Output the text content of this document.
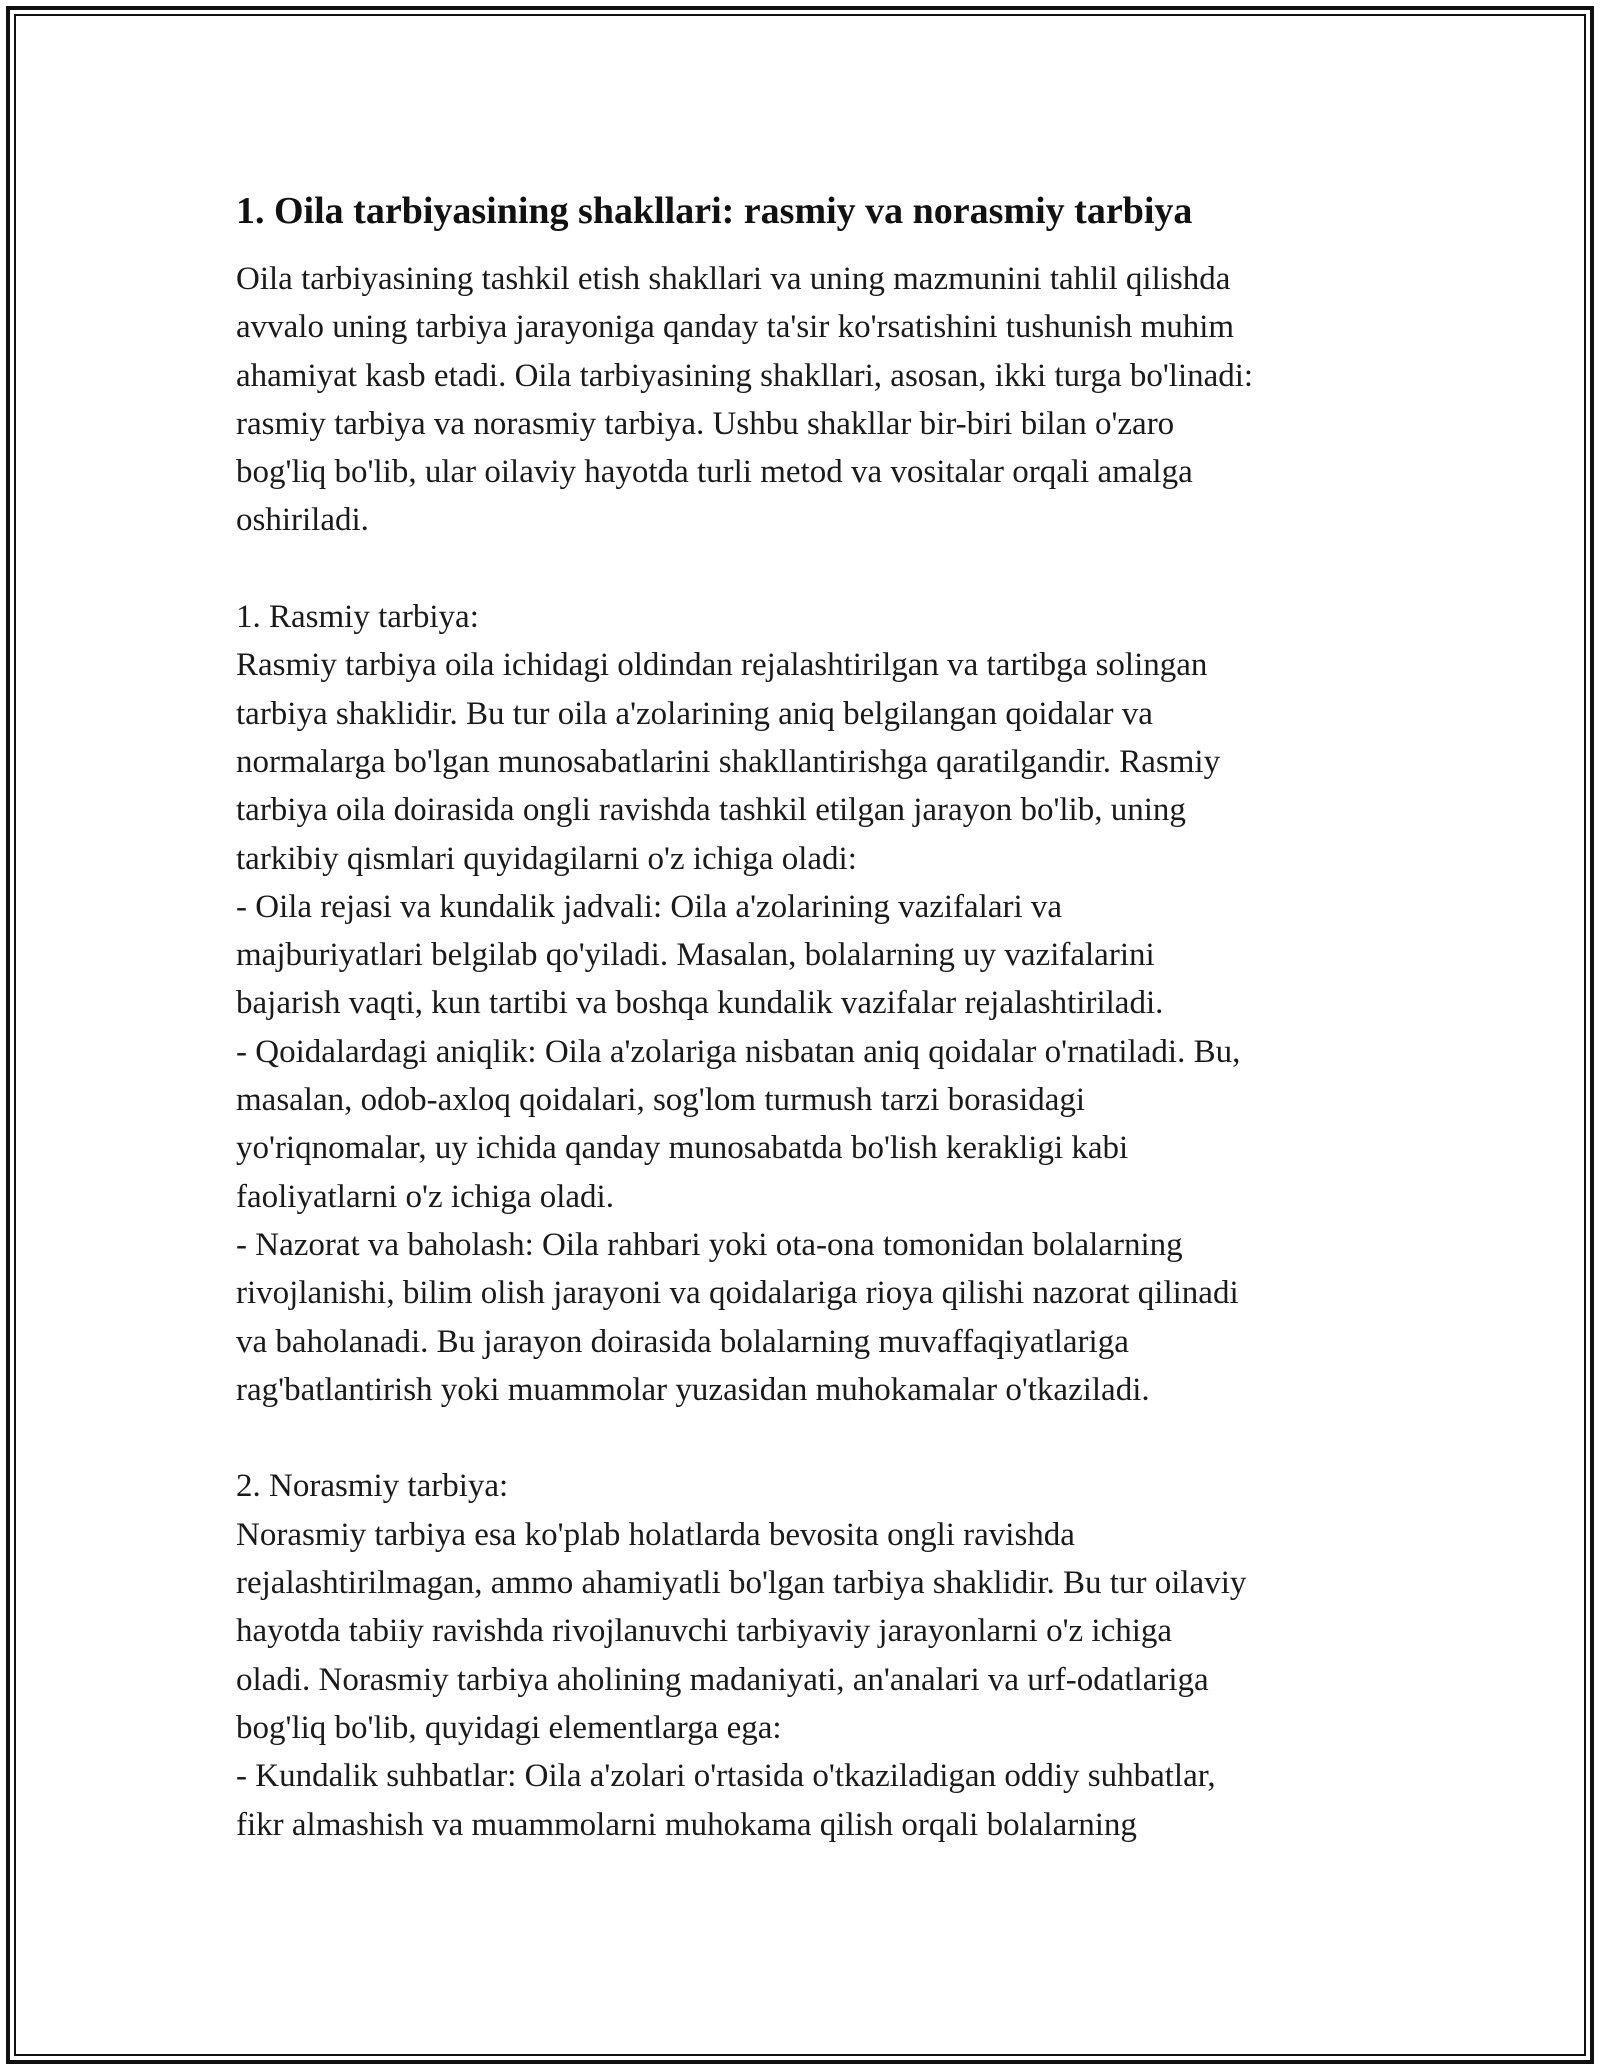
1. Oila tarbiyasining shakllari: rasmiy va norasmiy tarbiya
Oila tarbiyasining tashkil etish shakllari va uning mazmunini tahlil qilishda
avvalo uning tarbiya jarayoniga qanday ta'sir ko'rsatishini tushunish muhim
ahamiyat kasb etadi. Oila tarbiyasining shakllari, asosan, ikki turga bo'linadi:
rasmiy tarbiya va norasmiy tarbiya. Ushbu shakllar bir-biri bilan o'zaro
bog'liq bo'lib, ular oilaviy hayotda turli metod va vositalar orqali amalga
oshiriladi.
1. Rasmiy tarbiya:
Rasmiy tarbiya oila ichidagi oldindan rejalashtirilgan va tartibga solingan
tarbiya shaklidir. Bu tur oila a'zolarining aniq belgilangan qoidalar va
normalarga bo'lgan munosabatlarini shakllantirishga qaratilgandir. Rasmiy
tarbiya oila doirasida ongli ravishda tashkil etilgan jarayon bo'lib, uning
tarkibiy qismlari quyidagilarni o'z ichiga oladi:
- Oila rejasi va kundalik jadvali: Oila a'zolarining vazifalari va
majburiyatlari belgilab qo'yiladi. Masalan, bolalarning uy vazifalarini
bajarish vaqti, kun tartibi va boshqa kundalik vazifalar rejalashtiriladi.
- Qoidalardagi aniqlik: Oila a'zolariga nisbatan aniq qoidalar o'rnatiladi. Bu,
masalan, odob-axloq qoidalari, sog'lom turmush tarzi borasidagi
yo'riqnomalar, uy ichida qanday munosabatda bo'lish kerakligi kabi
faoliyatlarni o'z ichiga oladi.
- Nazorat va baholash: Oila rahbari yoki ota-ona tomonidan bolalarning
rivojlanishi, bilim olish jarayoni va qoidalariga rioya qilishi nazorat qilinadi
va baholanadi. Bu jarayon doirasida bolalarning muvaffaqiyatlariga
rag'batlantirish yoki muammolar yuzasidan muhokamalar o'tkaziladi.
2. Norasmiy tarbiya:
Norasmiy tarbiya esa ko'plab holatlarda bevosita ongli ravishda
rejalashtirilmagan, ammo ahamiyatli bo'lgan tarbiya shaklidir. Bu tur oilaviy
hayotda tabiiy ravishda rivojlanuvchi tarbiyaviy jarayonlarni o'z ichiga
oladi. Norasmiy tarbiya aholining madaniyati, an'analari va urf-odatlariga
bog'liq bo'lib, quyidagi elementlarga ega:
- Kundalik suhbatlar: Oila a'zolari o'rtasida o'tkaziladigan oddiy suhbatlar,
fikr almashish va muammolarni muhokama qilish orqali bolalarning
